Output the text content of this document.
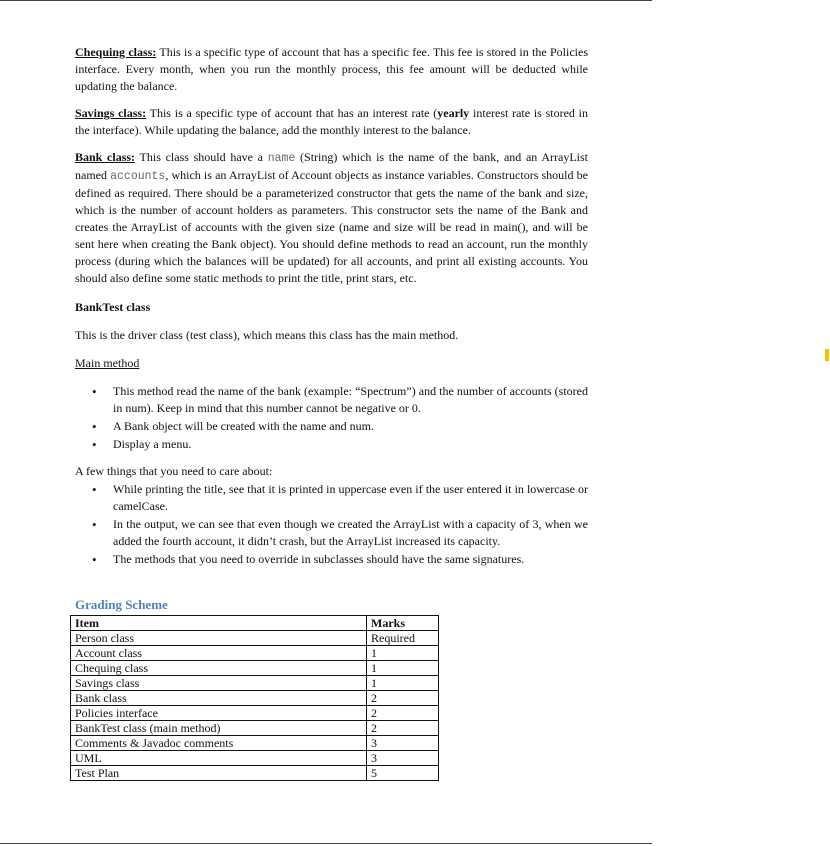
Chequing class: This is a specific type of account that has a specific fee. This fee is stored in the Policies interface. Every month, when you run the monthly process, this fee amount will be deducted while updating the balance.

Savings class: This is a specific type of account that has an interest rate (yearly interest rate is stored in the interface). While updating the balance, add the monthly interest to the balance.

Bank class: This class should have a name (String) which is the name of the bank, and an ArrayList named accounts, which is an ArrayList of Account objects as instance variables. Constructors should be defined as required. There should be a parameterized constructor that gets the name of the bank and size, which is the number of account holders as parameters. This constructor sets the name of the Bank and creates the ArrayList of accounts with the given size (name and size will be read in main(), and will be sent here when creating the Bank object). You should define methods to read an account, run the monthly process (during which the balances will be updated) for all accounts, and print all existing accounts. You should also define some static methods to print the title, print stars, etc.

BankTest class

This is the driver class (test class), which means this class has the main method.

Main method

• This method read the name of the bank (example: “Spectrum”) and the number of accounts (stored in num). Keep in mind that this number cannot be negative or 0.
• A Bank object will be created with the name and num.
• Display a menu.

A few things that you need to care about:

• While printing the title, see that it is printed in uppercase even if the user entered it in lowercase or camelCase.
• In the output, we can see that even though we created the ArrayList with a capacity of 3, when we added the fourth account, it didn’t crash, but the ArrayList increased its capacity.
• The methods that you need to override in subclasses should have the same signatures.
Grading Scheme
Item	Marks
Person class	Required
Account class	1
Chequing class	1
Savings class	1
Bank class	2
Policies interface	2
BankTest class (main method)	2
Comments & Javadoc comments	3
UML	3
Test Plan	5
